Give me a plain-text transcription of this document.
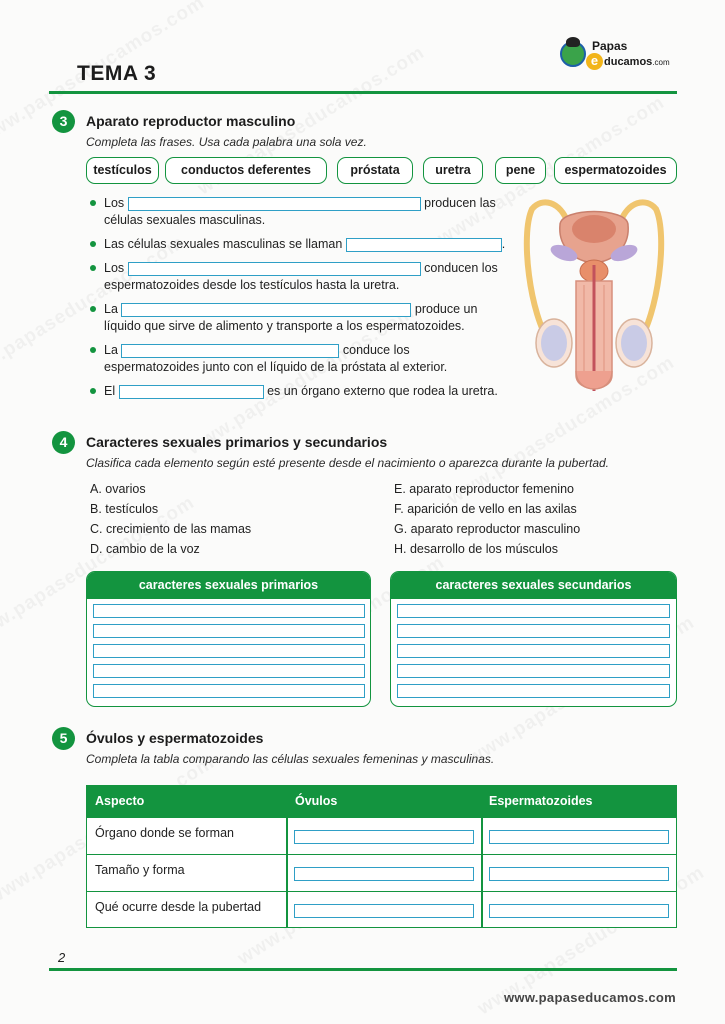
TEMA 3
e
Papas
ducamos.com
3	Aparato reproductor masculino
Completa las frases. Usa cada palabra una sola vez.
testículos	conductos deferentes	próstata	uretra	pene	espermatozoides
Los	producen las
células sexuales masculinas.
Las células sexuales masculinas se llaman	.
Los	conducen los
espermatozoides desde los testículos hasta la uretra.
La	produce un
líquido que sirve de alimento y transporte a los espermatozoides.
La	conduce los
espermatozoides junto con el líquido de la próstata al exterior.
El	es un órgano externo que rodea la uretra.
4	Caracteres sexuales primarios y secundarios
Clasifica cada elemento según esté presente desde el nacimiento o aparezca durante la pubertad.
A. ovarios
B. testículos
C. crecimiento de las mamas
D. cambio de la voz
E. aparato reproductor femenino
F. aparición de vello en las axilas
G. aparato reproductor masculino
H. desarrollo de los músculos
caracteres sexuales primarios	caracteres sexuales secundarios
5	Óvulos y espermatozoides
Completa la tabla comparando las células sexuales femeninas y masculinas.
Aspecto	Óvulos	Espermatozoides
Órgano donde se forman
Tamaño y forma
Qué ocurre desde la pubertad
2
www.papaseducamos.com
